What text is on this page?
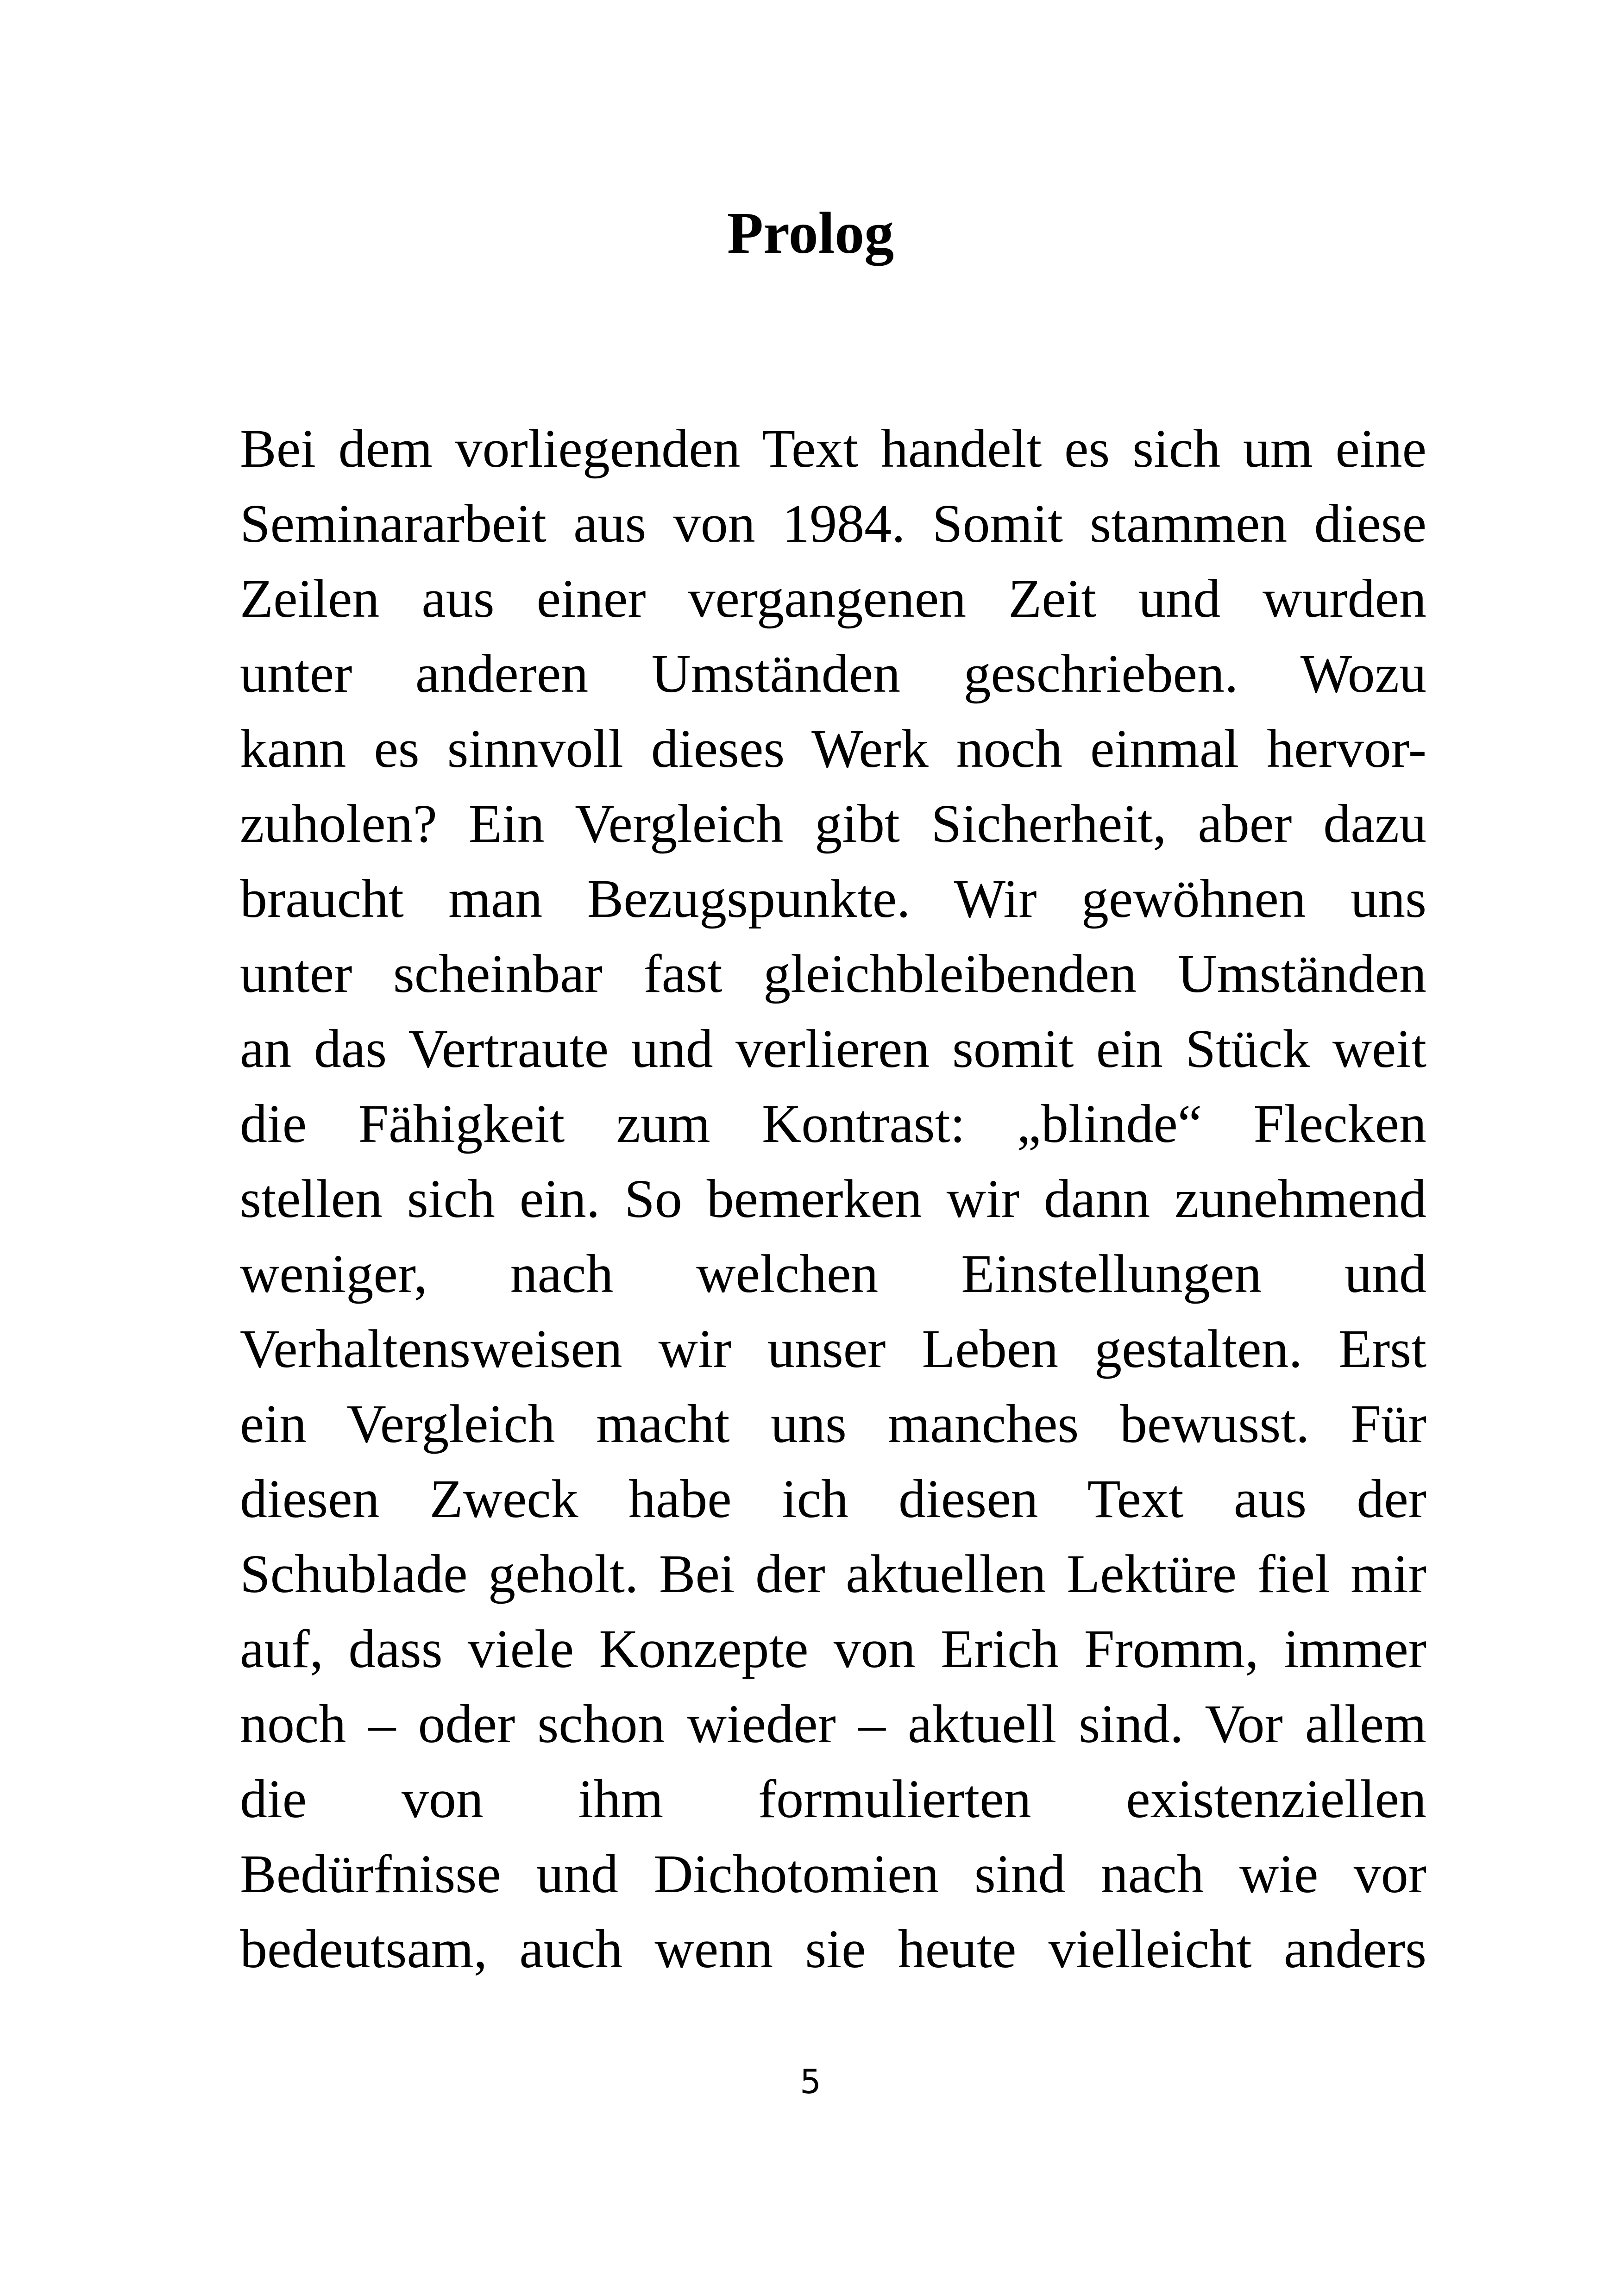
Prolog
Bei dem vorliegenden Text handelt es sich um eine
Seminararbeit aus von 1984. Somit stammen diese
Zeilen aus einer vergangenen Zeit und wurden
unter anderen Umständen geschrieben. Wozu
kann es sinnvoll dieses Werk noch einmal hervor-
zuholen? Ein Vergleich gibt Sicherheit, aber dazu
braucht man Bezugspunkte. Wir gewöhnen uns
unter scheinbar fast gleichbleibenden Umständen
an das Vertraute und verlieren somit ein Stück weit
die Fähigkeit zum Kontrast: „blinde“ Flecken
stellen sich ein. So bemerken wir dann zunehmend
weniger, nach welchen Einstellungen und
Verhaltensweisen wir unser Leben gestalten. Erst
ein Vergleich macht uns manches bewusst. Für
diesen Zweck habe ich diesen Text aus der
Schublade geholt. Bei der aktuellen Lektüre fiel mir
auf, dass viele Konzepte von Erich Fromm, immer
noch – oder schon wieder – aktuell sind. Vor allem
die von ihm formulierten existenziellen
Bedürfnisse und Dichotomien sind nach wie vor
bedeutsam, auch wenn sie heute vielleicht anders
5
